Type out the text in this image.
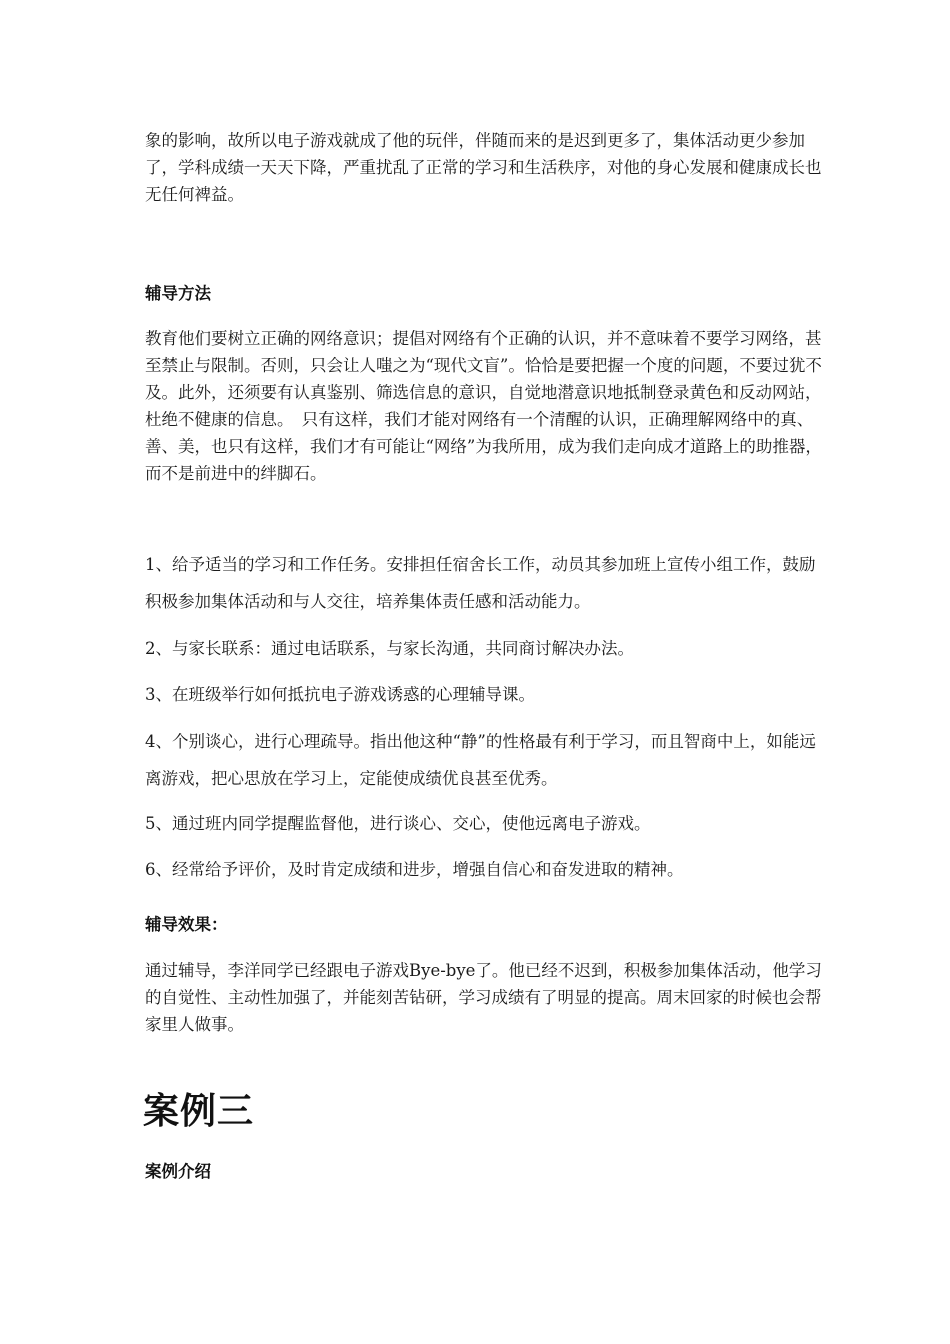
象的影响，故所以电子游戏就成了他的玩伴，伴随而来的是迟到更多了，集体活动更少参加了，学科成绩一天天下降，严重扰乱了正常的学习和生活秩序，对他的身心发展和健康成长也无任何裨益。

辅导方法

教育他们要树立正确的网络意识；提倡对网络有个正确的认识，并不意味着不要学习网络，甚至禁止与限制。否则，只会让人嗤之为“现代文盲”。恰恰是要把握一个度的问题，不要过犹不及。此外，还须要有认真鉴别、筛选信息的意识，自觉地潜意识地抵制登录黄色和反动网站，杜绝不健康的信息。　只有这样，我们才能对网络有一个清醒的认识，正确理解网络中的真、善、美，也只有这样，我们才有可能让“网络”为我所用，成为我们走向成才道路上的助推器，而不是前进中的绊脚石。

1、给予适当的学习和工作任务。安排担任宿舍长工作，动员其参加班上宣传小组工作，鼓励积极参加集体活动和与人交往，培养集体责任感和活动能力。

2、与家长联系：通过电话联系，与家长沟通，共同商讨解决办法。

3、在班级举行如何抵抗电子游戏诱惑的心理辅导课。

4、个别谈心，进行心理疏导。指出他这种“静”的性格最有利于学习，而且智商中上，如能远离游戏，把心思放在学习上，定能使成绩优良甚至优秀。

5、通过班内同学提醒监督他，进行谈心、交心，使他远离电子游戏。

6、经常给予评价，及时肯定成绩和进步，增强自信心和奋发进取的精神。

辅导效果：

通过辅导，李洋同学已经跟电子游戏Bye-bye了。他已经不迟到，积极参加集体活动，他学习的自觉性、主动性加强了，并能刻苦钻研，学习成绩有了明显的提高。周末回家的时候也会帮家里人做事。

案例三

案例介绍
